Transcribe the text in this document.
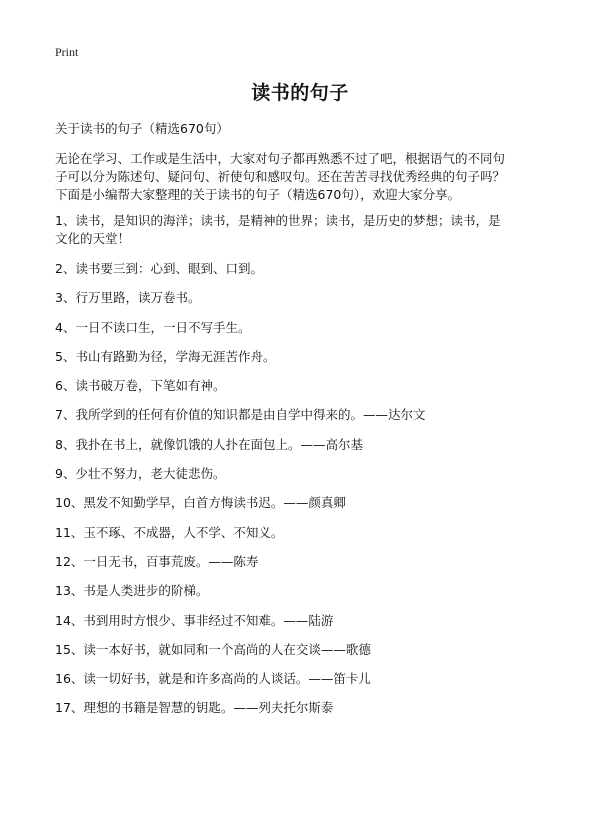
Print
读书的句子
关于读书的句子（精选670句）
无论在学习、工作或是生活中，大家对句子都再熟悉不过了吧，根据语气的不同句
子可以分为陈述句、疑问句、祈使句和感叹句。还在苦苦寻找优秀经典的句子吗？
下面是小编帮大家整理的关于读书的句子（精选670句），欢迎大家分享。
1、读书，是知识的海洋；读书，是精神的世界；读书，是历史的梦想；读书，是
文化的天堂！
2、读书要三到：心到、眼到、口到。
3、行万里路，读万卷书。
4、一日不读口生，一日不写手生。
5、书山有路勤为径，学海无涯苦作舟。
6、读书破万卷，下笔如有神。
7、我所学到的任何有价值的知识都是由自学中得来的。——达尔文
8、我扑在书上，就像饥饿的人扑在面包上。——高尔基
9、少壮不努力，老大徒悲伤。
10、黑发不知勤学早，白首方悔读书迟。——颜真卿
11、玉不琢、不成器，人不学、不知义。
12、一日无书，百事荒废。——陈寿
13、书是人类进步的阶梯。
14、书到用时方恨少、事非经过不知难。——陆游
15、读一本好书，就如同和一个高尚的人在交谈——歌德
16、读一切好书，就是和许多高尚的人谈话。——笛卡儿
17、理想的书籍是智慧的钥匙。——列夫托尔斯泰
